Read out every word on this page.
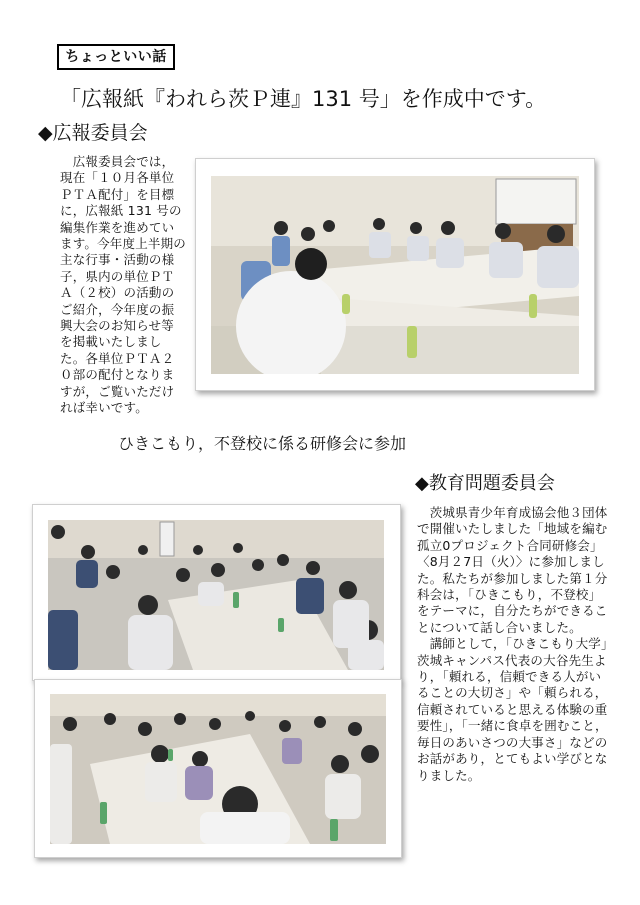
ちょっといい話
「広報紙『われら茨Ｐ連』131 号」を作成中です。
◆広報委員会
　広報委員会では，現在「１０月各単位ＰＴＡ配付」を目標に，広報紙 131 号の編集作業を進めています。今年度上半期の主な行事・活動の様子，県内の単位ＰＴＡ（２校）の活動のご紹介，今年度の振興大会のお知らせ等を掲載いたしました。各単位ＰＴＡ２０部の配付となりますが，ご覧いただければ幸いです。
ひきこもり，不登校に係る研修会に参加
◆教育問題委員会
　茨城県青少年育成協会他３団体で開催いたしました「地域を編む孤立0プロジェクト合同研修会」〈8月２7日（火）〉に参加しました。私たちが参加しました第１分科会は，「ひきこもり，不登校」をテーマに，自分たちができることについて話し合いました。
　講師として，「ひきこもり大学」茨城キャンパス代表の大谷先生より，「頼れる，信頼できる人がいることの大切さ」や「頼られる，信頼されていると思える体験の重要性」，「一緒に食卓を囲むこと，毎日のあいさつの大事さ」などのお話があり，とてもよい学びとなりました。
